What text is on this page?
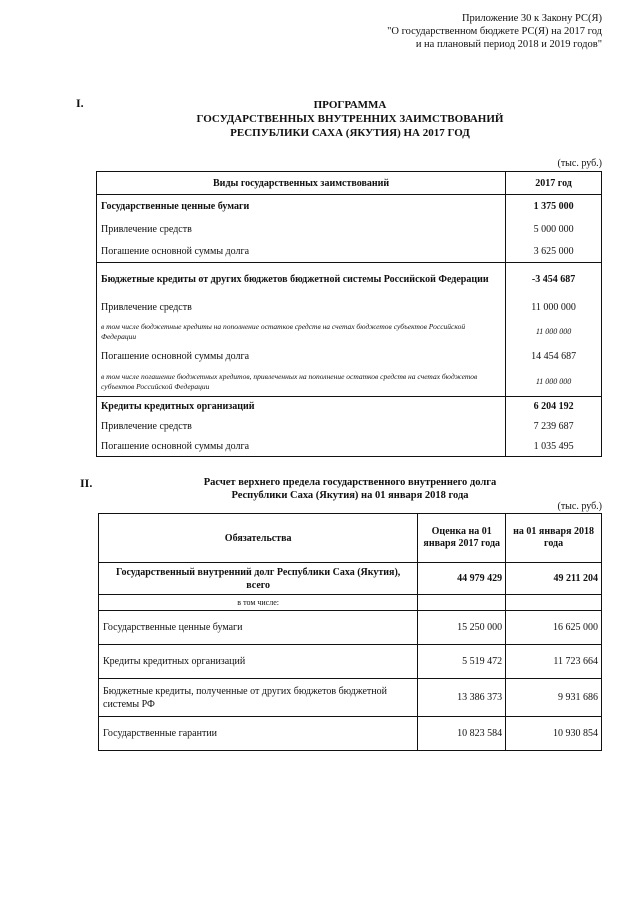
Приложение 30 к Закону РС(Я)
"О государственном бюджете РС(Я) на 2017 год
и на плановый период 2018 и 2019 годов"
I.	ПРОГРАММА
ГОСУДАРСТВЕННЫХ ВНУТРЕННИХ ЗАИМСТВОВАНИЙ
РЕСПУБЛИКИ САХА (ЯКУТИЯ) НА 2017 ГОД
(тыс. руб.)
Виды государственных заимствований	2017 год
Государственные ценные бумаги	1 375 000
Привлечение средств	5 000 000
Погашение основной суммы долга	3 625 000
Бюджетные кредиты от других бюджетов бюджетной системы Российской Федерации	-3 454 687
Привлечение средств	11 000 000
в том числе бюджетные кредиты на пополнение остатков средств на счетах бюджетов субъектов Российской Федерации	11 000 000
Погашение основной суммы долга	14 454 687
в том числе погашение бюджетных кредитов, привлеченных на пополнение остатков средств на счетах бюджетов субъектов Российской Федерации	11 000 000
Кредиты кредитных организаций	6 204 192
Привлечение средств	7 239 687
Погашение основной суммы долга	1 035 495
II.	Расчет верхнего предела государственного внутреннего долга
Республики Саха (Якутия) на 01 января 2018 года
(тыс. руб.)
Обязательства	Оценка на 01 января 2017 года	на 01 января 2018 года
Государственный внутренний долг Республики Саха (Якутия), всего	44 979 429	49 211 204
в том числе:		
Государственные ценные бумаги	15 250 000	16 625 000
Кредиты кредитных организаций	5 519 472	11 723 664
Бюджетные кредиты, полученные от других бюджетов бюджетной системы РФ	13 386 373	9 931 686
Государственные гарантии	10 823 584	10 930 854
